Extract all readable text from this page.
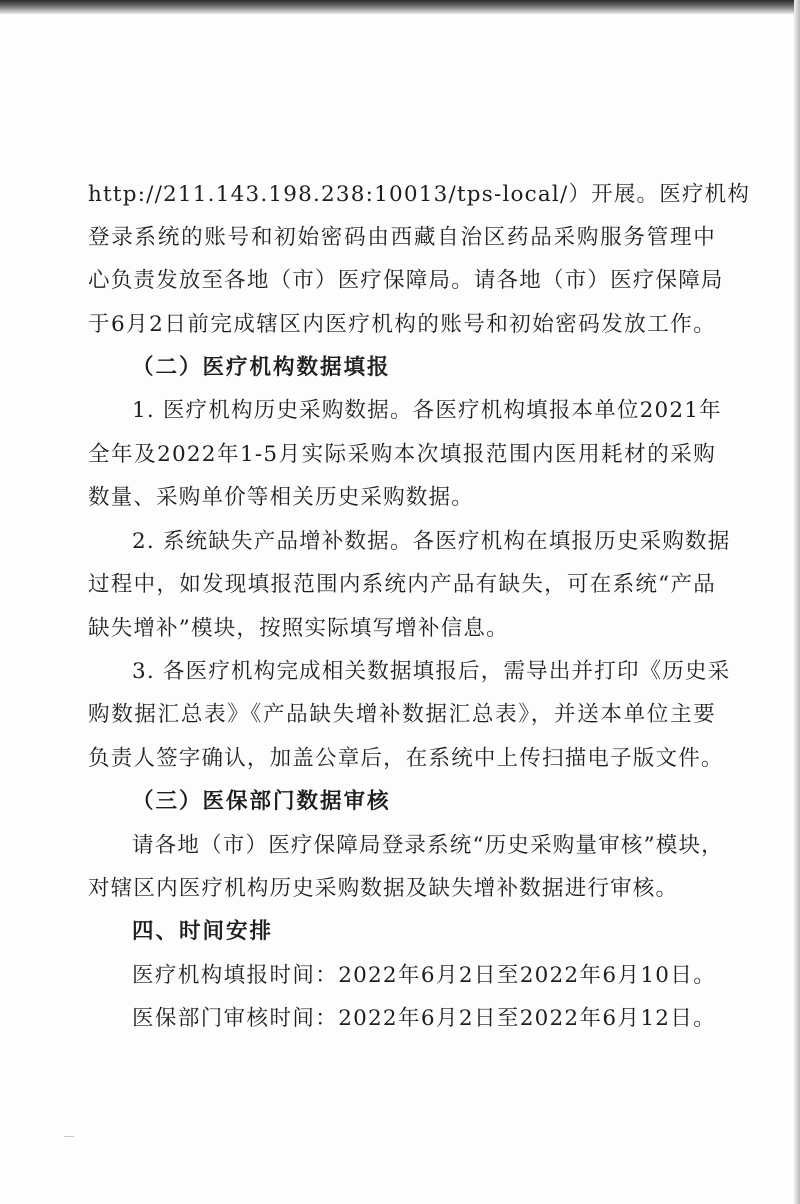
http://211.143.198.238:10013/tps-local/）开展。医疗机构
登录系统的账号和初始密码由西藏自治区药品采购服务管理中
心负责发放至各地（市）医疗保障局。请各地（市）医疗保障局
于6月2日前完成辖区内医疗机构的账号和初始密码发放工作。
（二）医疗机构数据填报
1. 医疗机构历史采购数据。各医疗机构填报本单位2021年
全年及2022年1-5月实际采购本次填报范围内医用耗材的采购
数量、采购单价等相关历史采购数据。
2. 系统缺失产品增补数据。各医疗机构在填报历史采购数据
过程中，如发现填报范围内系统内产品有缺失，可在系统“产品
缺失增补”模块，按照实际填写增补信息。
3. 各医疗机构完成相关数据填报后，需导出并打印《历史采
购数据汇总表》《产品缺失增补数据汇总表》，并送本单位主要
负责人签字确认，加盖公章后，在系统中上传扫描电子版文件。
（三）医保部门数据审核
请各地（市）医疗保障局登录系统“历史采购量审核”模块，
对辖区内医疗机构历史采购数据及缺失增补数据进行审核。
四、时间安排
医疗机构填报时间：2022年6月2日至2022年6月10日。
医保部门审核时间：2022年6月2日至2022年6月12日。
